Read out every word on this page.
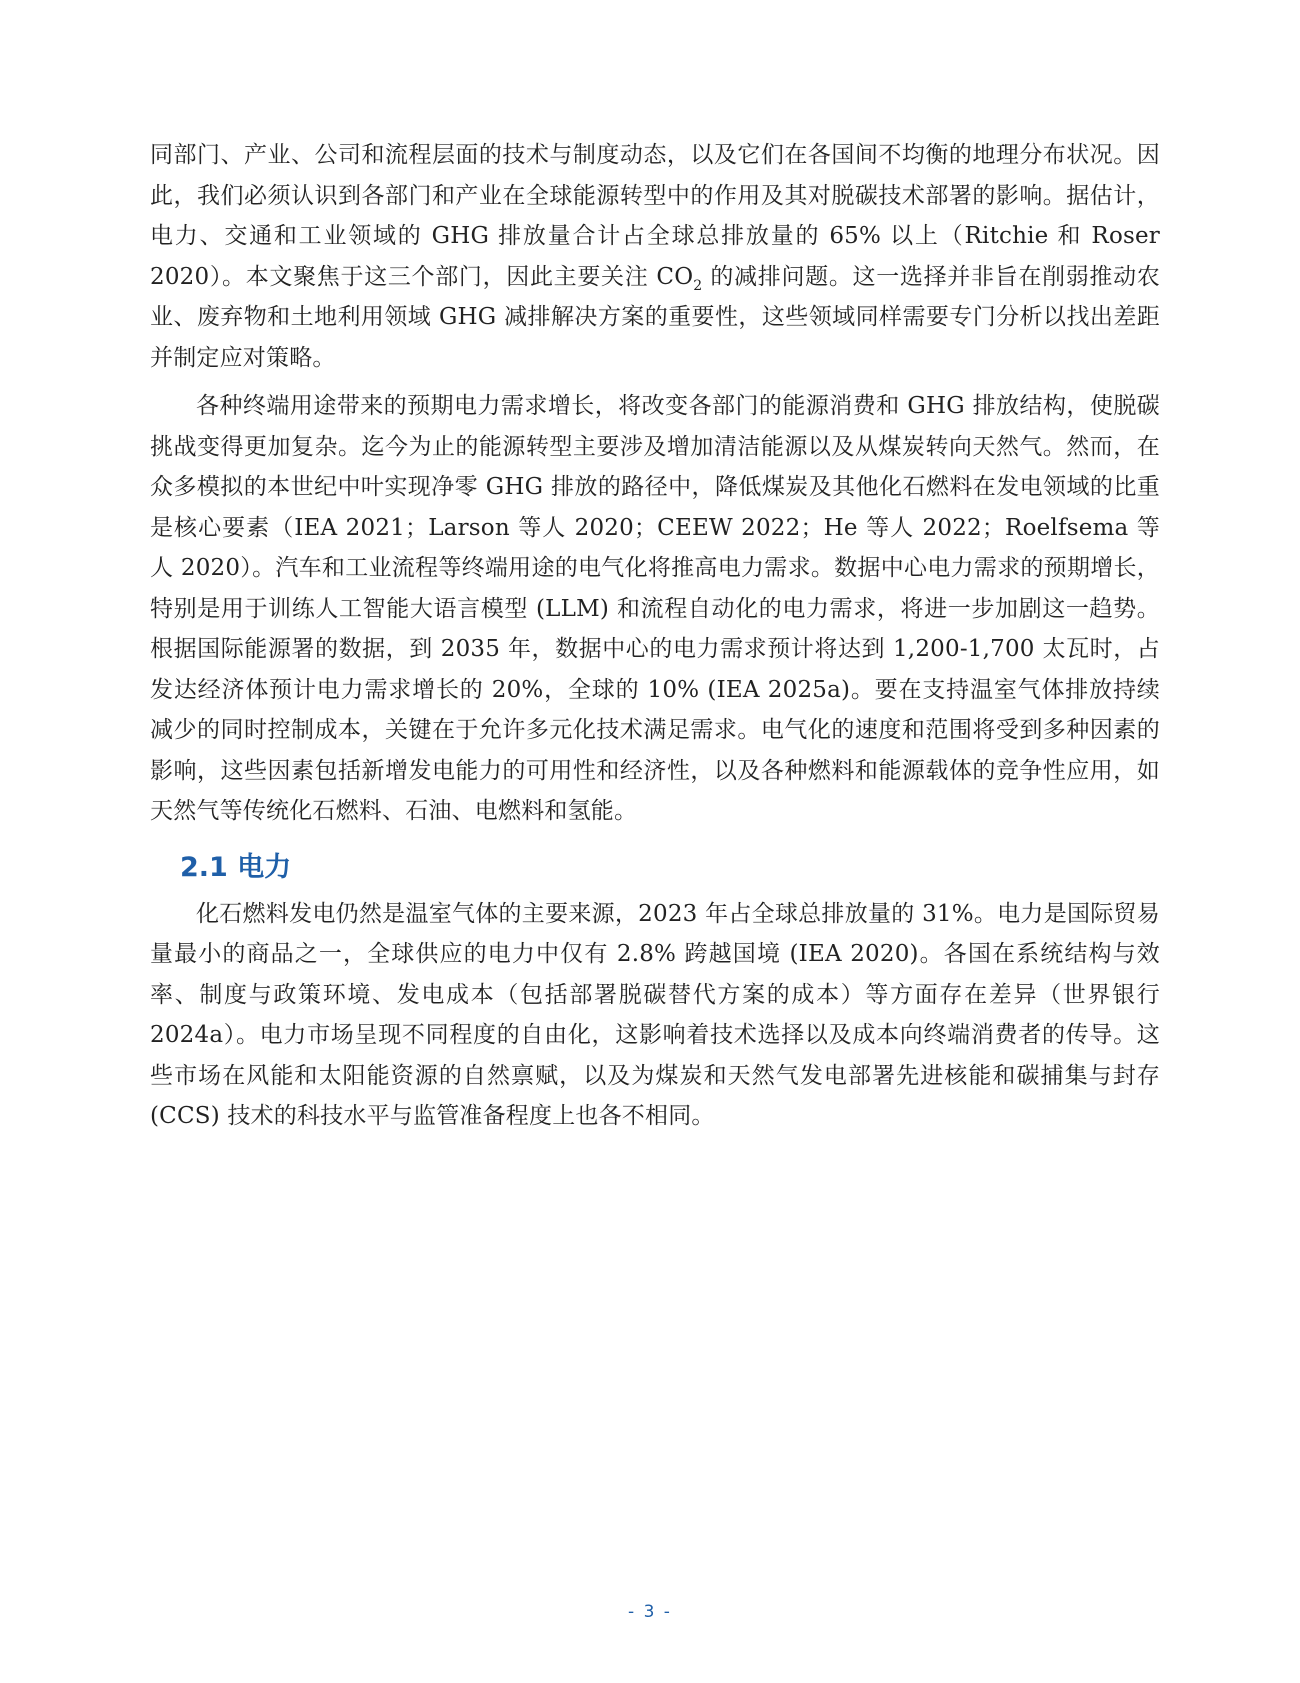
同部门、产业、公司和流程层面的技术与制度动态，以及它们在各国间不均衡的地理分布状况。因此，我们必须认识到各部门和产业在全球能源转型中的作用及其对脱碳技术部署的影响。据估计，电力、交通和工业领域的 GHG 排放量合计占全球总排放量的 65% 以上（Ritchie 和 Roser 2020）。本文聚焦于这三个部门，因此主要关注 $CO_2$ 的减排问题。这一选择并非旨在削弱推动农业、废弃物和土地利用领域 GHG 减排解决方案的重要性，这些领域同样需要专门分析以找出差距并制定应对策略。

各种终端用途带来的预期电力需求增长，将改变各部门的能源消费和 GHG 排放结构，使脱碳挑战变得更加复杂。迄今为止的能源转型主要涉及增加清洁能源以及从煤炭转向天然气。然而，在众多模拟的本世纪中叶实现净零 GHG 排放的路径中，降低煤炭及其他化石燃料在发电领域的比重是核心要素（IEA 2021；Larson 等人 2020；CEEW 2022；He 等人 2022；Roelfsema 等人 2020）。汽车和工业流程等终端用途的电气化将推高电力需求。数据中心电力需求的预期增长，特别是用于训练人工智能大语言模型 (LLM) 和流程自动化的电力需求，将进一步加剧这一趋势。根据国际能源署的数据，到 2035 年，数据中心的电力需求预计将达到 1,200-1,700 太瓦时，占发达经济体预计电力需求增长的 20%，全球的 10% (IEA 2025a)。要在支持温室气体排放持续减少的同时控制成本，关键在于允许多元化技术满足需求。电气化的速度和范围将受到多种因素的影响，这些因素包括新增发电能力的可用性和经济性，以及各种燃料和能源载体的竞争性应用，如天然气等传统化石燃料、石油、电燃料和氢能。

2.1 电力

化石燃料发电仍然是温室气体的主要来源，2023 年占全球总排放量的 31%。电力是国际贸易量最小的商品之一，全球供应的电力中仅有 2.8% 跨越国境 (IEA 2020)。各国在系统结构与效率、制度与政策环境、发电成本（包括部署脱碳替代方案的成本）等方面存在差异（世界银行 2024a）。电力市场呈现不同程度的自由化，这影响着技术选择以及成本向终端消费者的传导。这些市场在风能和太阳能资源的自然禀赋，以及为煤炭和天然气发电部署先进核能和碳捕集与封存 (CCS) 技术的科技水平与监管准备程度上也各不相同。

- 3 -
